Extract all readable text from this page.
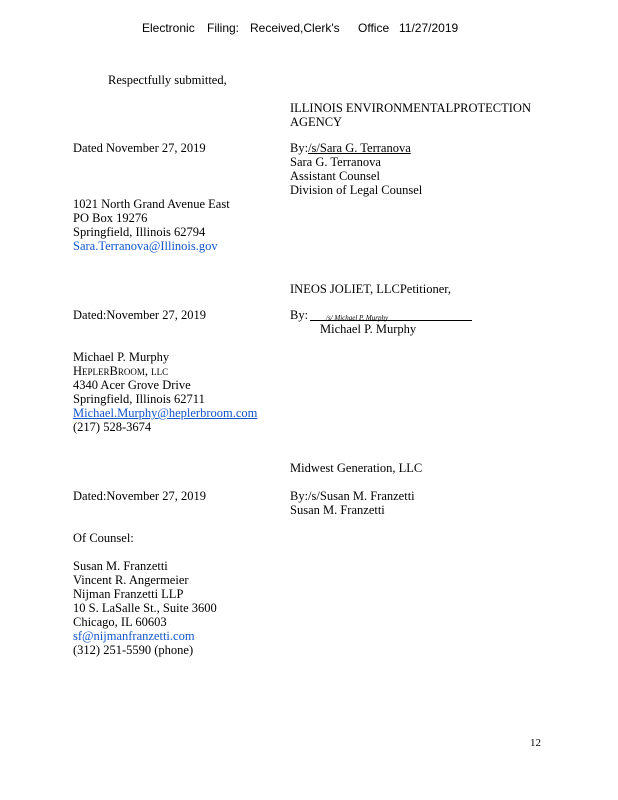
Electronic Filing: Received,Clerk's Office 11/27/2019
Respectfully submitted,
ILLINOIS ENVIRONMENTALPROTECTION
AGENCY
Dated November 27, 2019	By:/s/Sara G. Terranova
Sara G. Terranova
Assistant Counsel
Division of Legal Counsel
1021 North Grand Avenue East
PO Box 19276
Springfield, Illinois 62794
Sara.Terranova@Illinois.gov
INEOS JOLIET, LLCPetitioner,
Dated:November 27, 2019	By:	/s/ Michael P. Murphy
Michael P. Murphy
Michael P. Murphy
HeplerBroom, llc
4340 Acer Grove Drive
Springfield, Illinois 62711
Michael.Murphy@heplerbroom.com
(217) 528-3674
Midwest Generation, LLC
Dated:November 27, 2019	By:/s/Susan M. Franzetti
Susan M. Franzetti
Of Counsel:
Susan M. Franzetti
Vincent R. Angermeier
Nijman Franzetti LLP
10 S. LaSalle St., Suite 3600
Chicago, IL 60603
sf@nijmanfranzetti.com
(312) 251-5590 (phone)
12
